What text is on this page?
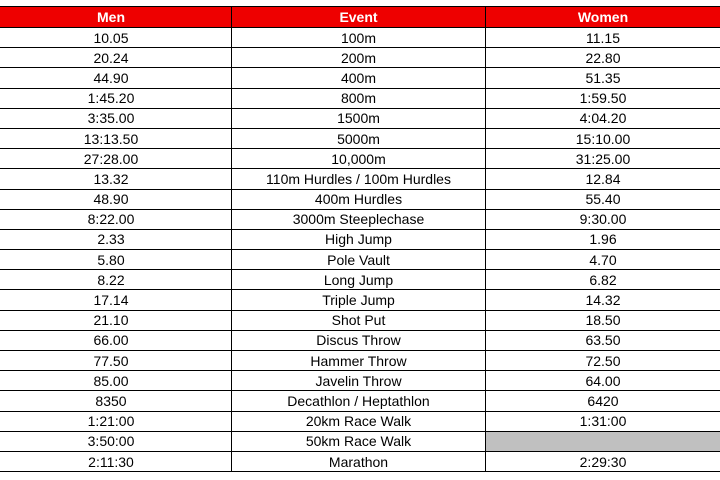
Men	Event	Women
10.05	100m	11.15
20.24	200m	22.80
44.90	400m	51.35
1:45.20	800m	1:59.50
3:35.00	1500m	4:04.20
13:13.50	5000m	15:10.00
27:28.00	10,000m	31:25.00
13.32	110m Hurdles / 100m Hurdles	12.84
48.90	400m Hurdles	55.40
8:22.00	3000m Steeplechase	9:30.00
2.33	High Jump	1.96
5.80	Pole Vault	4.70
8.22	Long Jump	6.82
17.14	Triple Jump	14.32
21.10	Shot Put	18.50
66.00	Discus Throw	63.50
77.50	Hammer Throw	72.50
85.00	Javelin Throw	64.00
8350	Decathlon / Heptathlon	6420
1:21:00	20km Race Walk	1:31:00
3:50:00	50km Race Walk	
2:11:30	Marathon	2:29:30
